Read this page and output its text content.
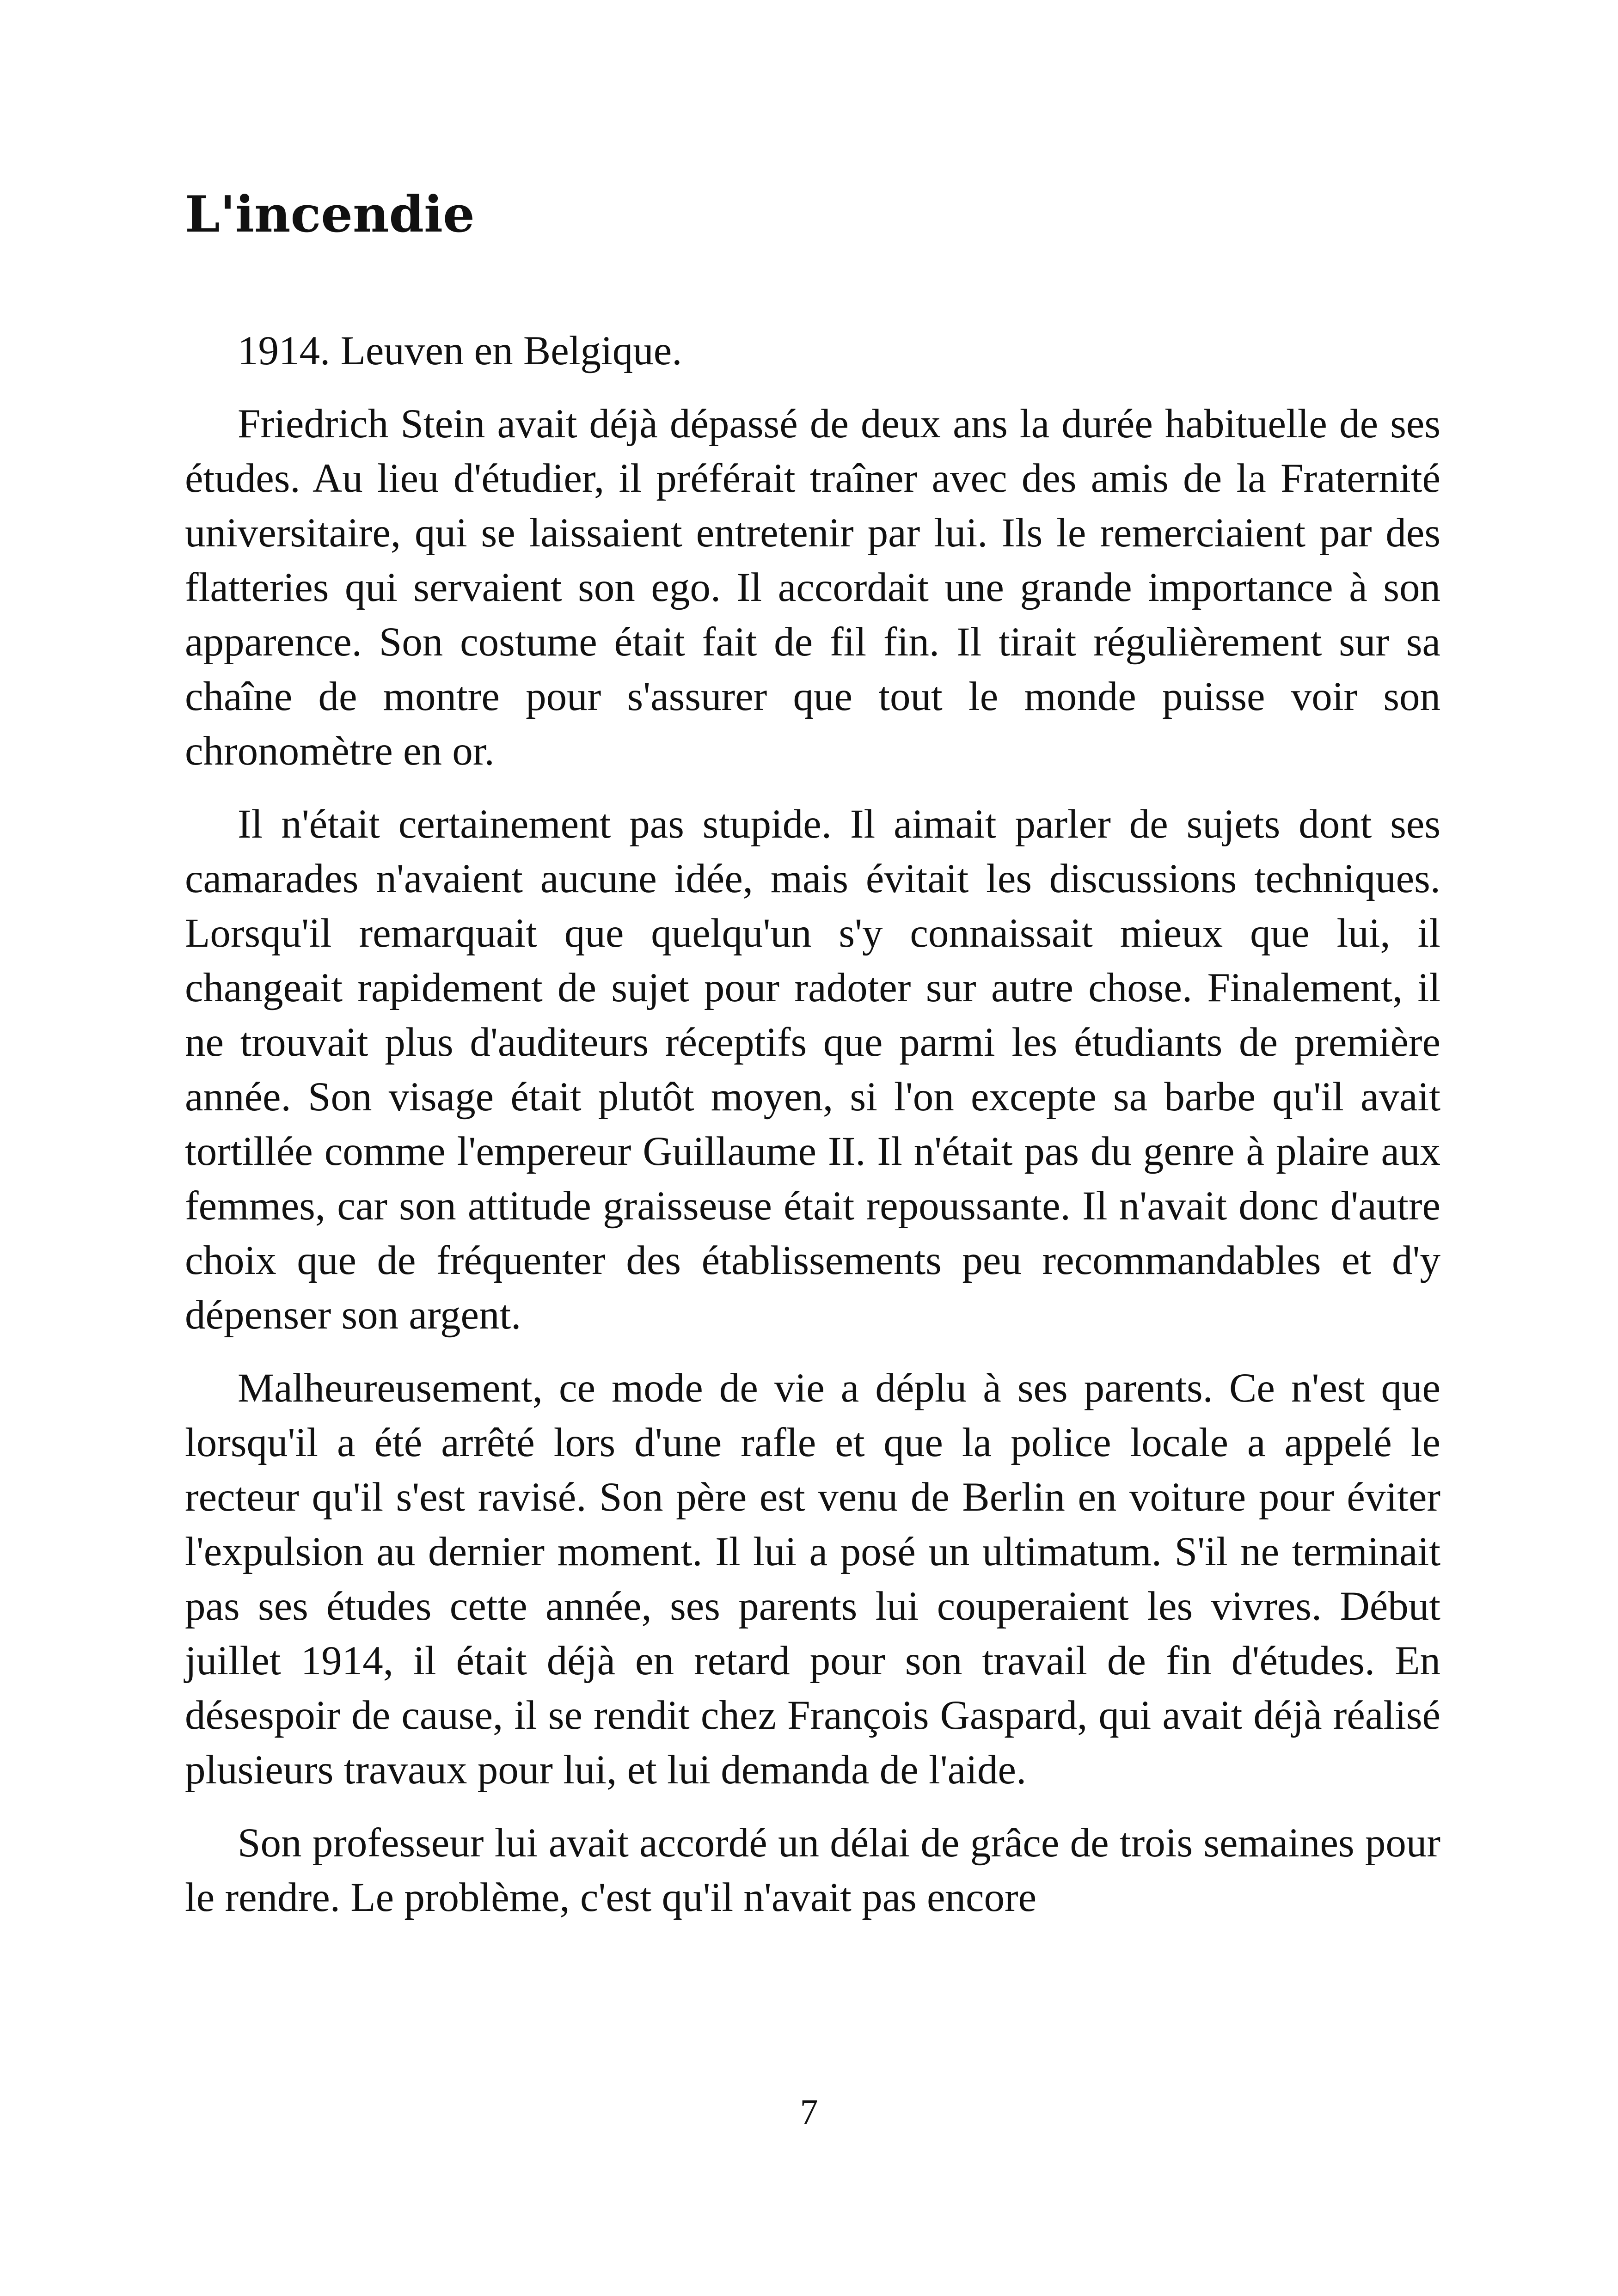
L'incendie

1914. Leuven en Belgique.

Friedrich Stein avait déjà dépassé de deux ans la durée habituelle de ses études. Au lieu d'étudier, il préférait traîner avec des amis de la Fraternité universitaire, qui se laissaient entretenir par lui. Ils le remerciaient par des flatteries qui servaient son ego. Il accordait une grande importance à son apparence. Son costume était fait de fil fin. Il tirait régulièrement sur sa chaîne de montre pour s'assurer que tout le monde puisse voir son chronomètre en or.

Il n'était certainement pas stupide. Il aimait parler de sujets dont ses camarades n'avaient aucune idée, mais évitait les discussions techniques. Lorsqu'il remarquait que quelqu'un s'y connaissait mieux que lui, il changeait rapidement de sujet pour radoter sur autre chose. Finalement, il ne trouvait plus d'auditeurs réceptifs que parmi les étudiants de première année. Son visage était plutôt moyen, si l'on excepte sa barbe qu'il avait tortillée comme l'empereur Guillaume II. Il n'était pas du genre à plaire aux femmes, car son attitude graisseuse était repoussante. Il n'avait donc d'autre choix que de fréquenter des établissements peu recommandables et d'y dépenser son argent.

Malheureusement, ce mode de vie a déplu à ses parents. Ce n'est que lorsqu'il a été arrêté lors d'une rafle et que la police locale a appelé le recteur qu'il s'est ravisé. Son père est venu de Berlin en voiture pour éviter l'expulsion au dernier moment. Il lui a posé un ultimatum. S'il ne terminait pas ses études cette année, ses parents lui couperaient les vivres. Début juillet 1914, il était déjà en retard pour son travail de fin d'études. En désespoir de cause, il se rendit chez François Gaspard, qui avait déjà réalisé plusieurs travaux pour lui, et lui demanda de l'aide.

Son professeur lui avait accordé un délai de grâce de trois semaines pour le rendre. Le problème, c'est qu'il n'avait pas encore

7
